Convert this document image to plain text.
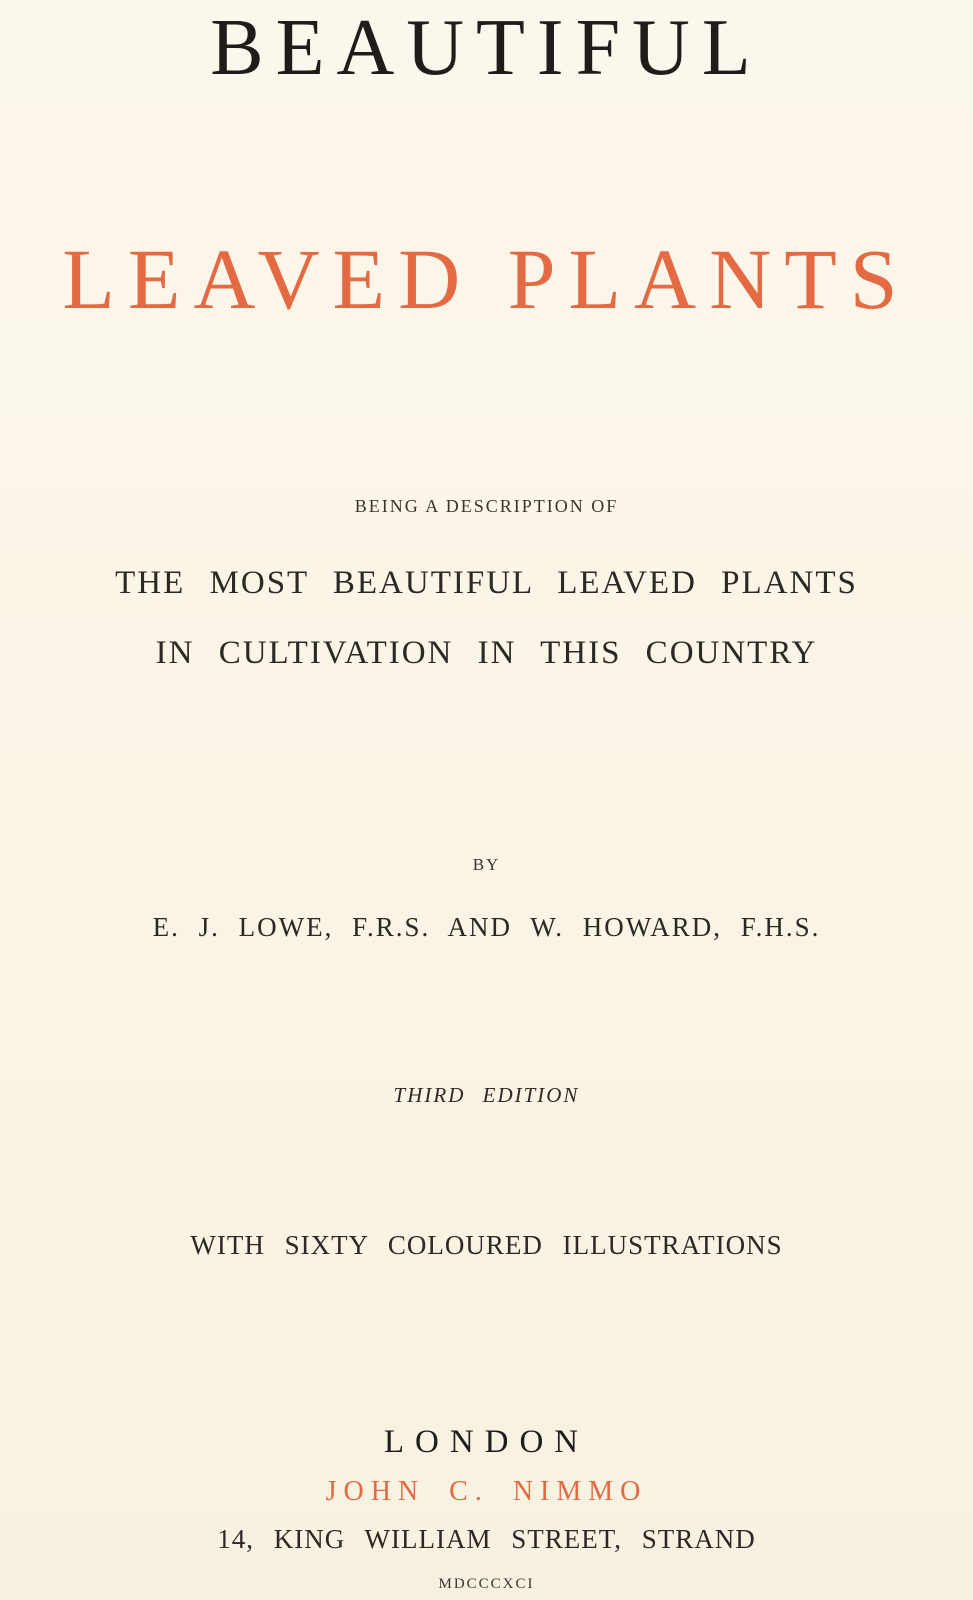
BEAUTIFUL
LEAVED PLANTS

BEING A DESCRIPTION OF

THE MOST BEAUTIFUL LEAVED PLANTS

IN CULTIVATION IN THIS COUNTRY

BY

E. J. LOWE, F.R.S. AND W. HOWARD, F.H.S.

THIRD EDITION

WITH SIXTY COLOURED ILLUSTRATIONS

LONDON

JOHN C. NIMMO

14, KING WILLIAM STREET, STRAND

MDCCCXCI
